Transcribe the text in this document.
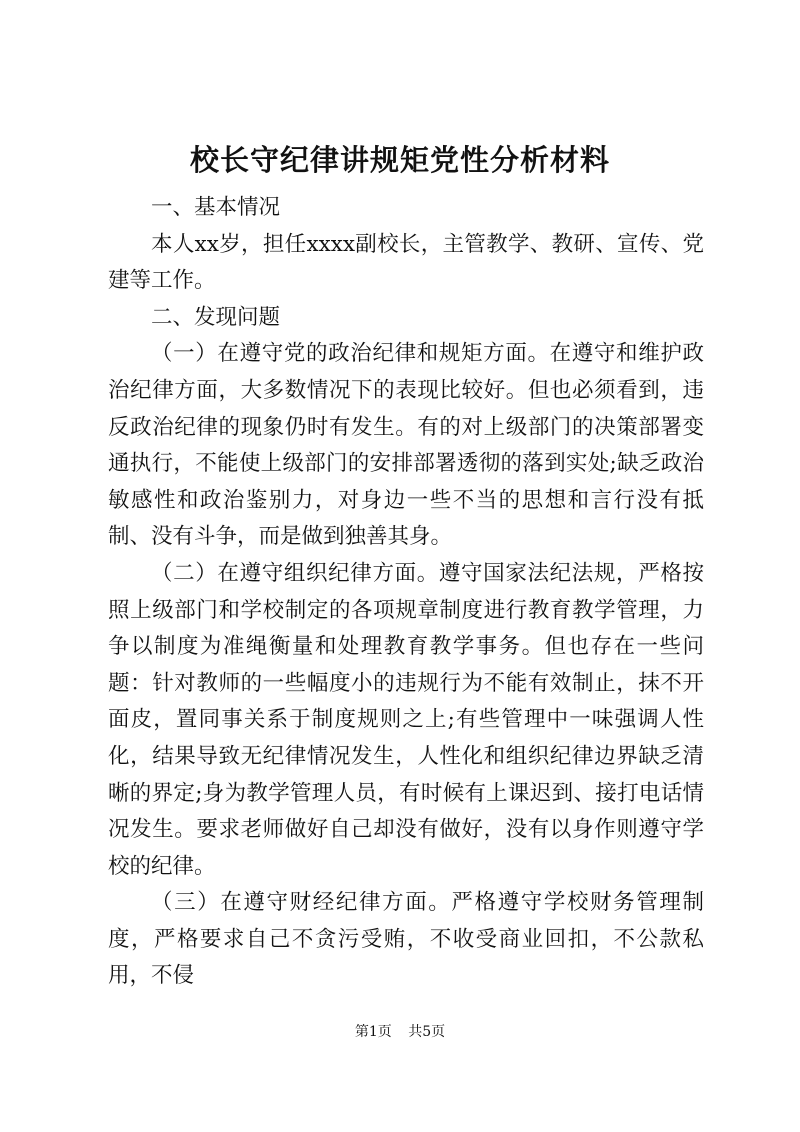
校长守纪律讲规矩党性分析材料

一、基本情况

本人xx岁，担任xxxx副校长，主管教学、教研、宣传、党建等工作。

二、发现问题

（一）在遵守党的政治纪律和规矩方面。在遵守和维护政治纪律方面，大多数情况下的表现比较好。但也必须看到，违反政治纪律的现象仍时有发生。有的对上级部门的决策部署变通执行，不能使上级部门的安排部署透彻的落到实处;缺乏政治敏感性和政治鉴别力，对身边一些不当的思想和言行没有抵制、没有斗争，而是做到独善其身。

（二）在遵守组织纪律方面。遵守国家法纪法规，严格按照上级部门和学校制定的各项规章制度进行教育教学管理，力争以制度为准绳衡量和处理教育教学事务。但也存在一些问题：针对教师的一些幅度小的违规行为不能有效制止，抹不开面皮，置同事关系于制度规则之上;有些管理中一味强调人性化，结果导致无纪律情况发生，人性化和组织纪律边界缺乏清晰的界定;身为教学管理人员，有时候有上课迟到、接打电话情况发生。要求老师做好自己却没有做好，没有以身作则遵守学校的纪律。

（三）在遵守财经纪律方面。严格遵守学校财务管理制度，严格要求自己不贪污受贿，不收受商业回扣，不公款私用，不侵

第1页 共5页
